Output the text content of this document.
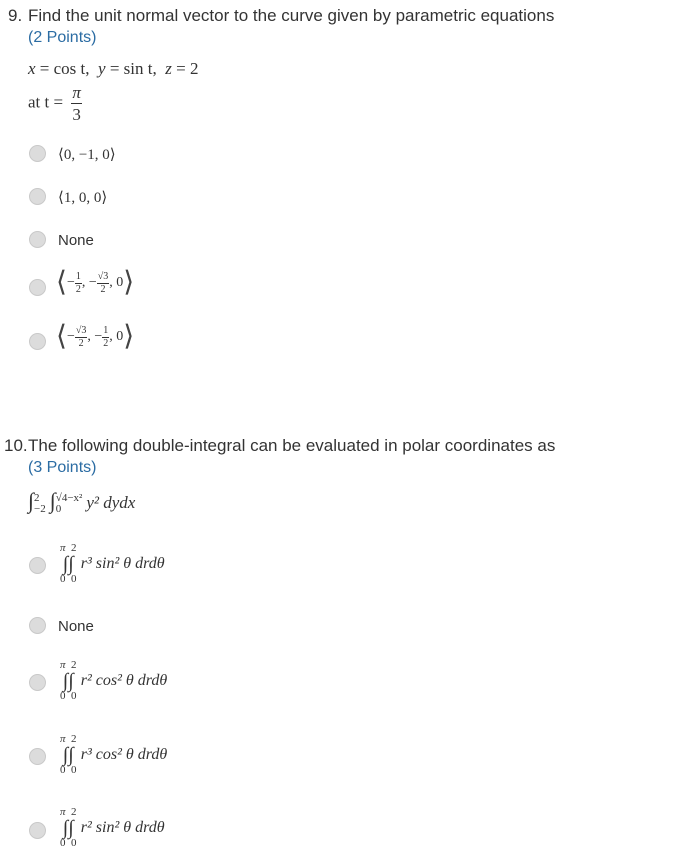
9. Find the unit normal vector to the curve given by parametric equations
(2 Points)
x = cos t, y = sin t, z = 2
at $t = \frac{\pi}{3}$
⟨0, −1, 0⟩
⟨1, 0, 0⟩
None
⟨− $\frac{1}{2}$ , − $\frac{√3}{2}$ , 0⟩
⟨− $\frac{√3}{2}$ , − $\frac{1}{2}$ , 0⟩
10. The following double-integral can be evaluated in polar coordinates as
(3 Points)
∫ 2
−2 ∫ √4−x²
0	y² dydx
π 2
∫∫
0 0
r³ sin² θ drdθ
None
π 2
∫∫
0 0
r² cos² θ drdθ
π 2
∫∫
0 0
r³ cos² θ drdθ
π 2
∫∫
0 0
r² sin² θ drdθ
